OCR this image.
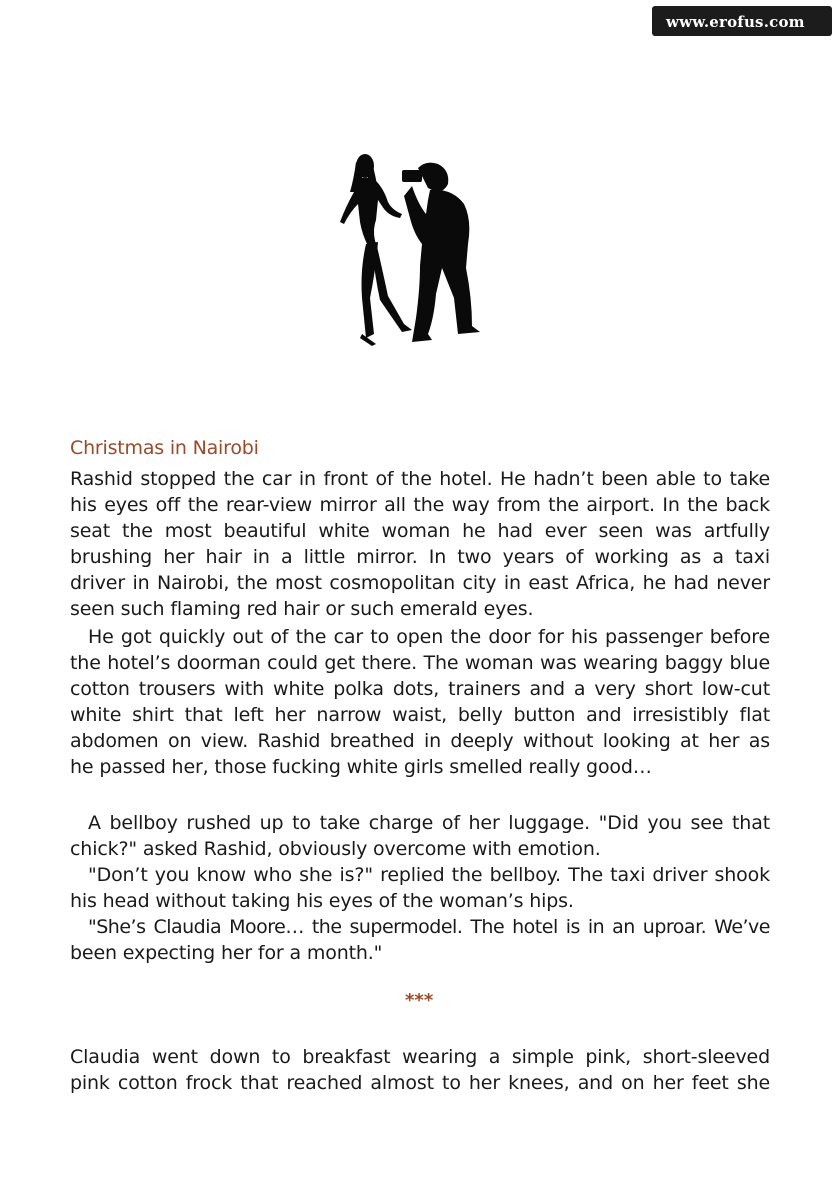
www.erofus.com
Christmas in Nairobi
Rashid stopped the car in front of the hotel. He hadn’t been able to take
his eyes off the rear-view mirror all the way from the airport. In the back
seat the most beautiful white woman he had ever seen was artfully
brushing her hair in a little mirror. In two years of working as a taxi
driver in Nairobi, the most cosmopolitan city in east Africa, he had never
seen such flaming red hair or such emerald eyes.
He got quickly out of the car to open the door for his passenger before
the hotel’s doorman could get there. The woman was wearing baggy blue
cotton trousers with white polka dots, trainers and a very short low-cut
white shirt that left her narrow waist, belly button and irresistibly flat
abdomen on view. Rashid breathed in deeply without looking at her as
he passed her, those fucking white girls smelled really good…
A bellboy rushed up to take charge of her luggage. "Did you see that
chick?" asked Rashid, obviously overcome with emotion.
"Don’t you know who she is?" replied the bellboy. The taxi driver shook
his head without taking his eyes of the woman’s hips.
"She’s Claudia Moore… the supermodel. The hotel is in an uproar. We’ve
been expecting her for a month."
***
Claudia went down to breakfast wearing a simple pink, short-sleeved
pink cotton frock that reached almost to her knees, and on her feet she
